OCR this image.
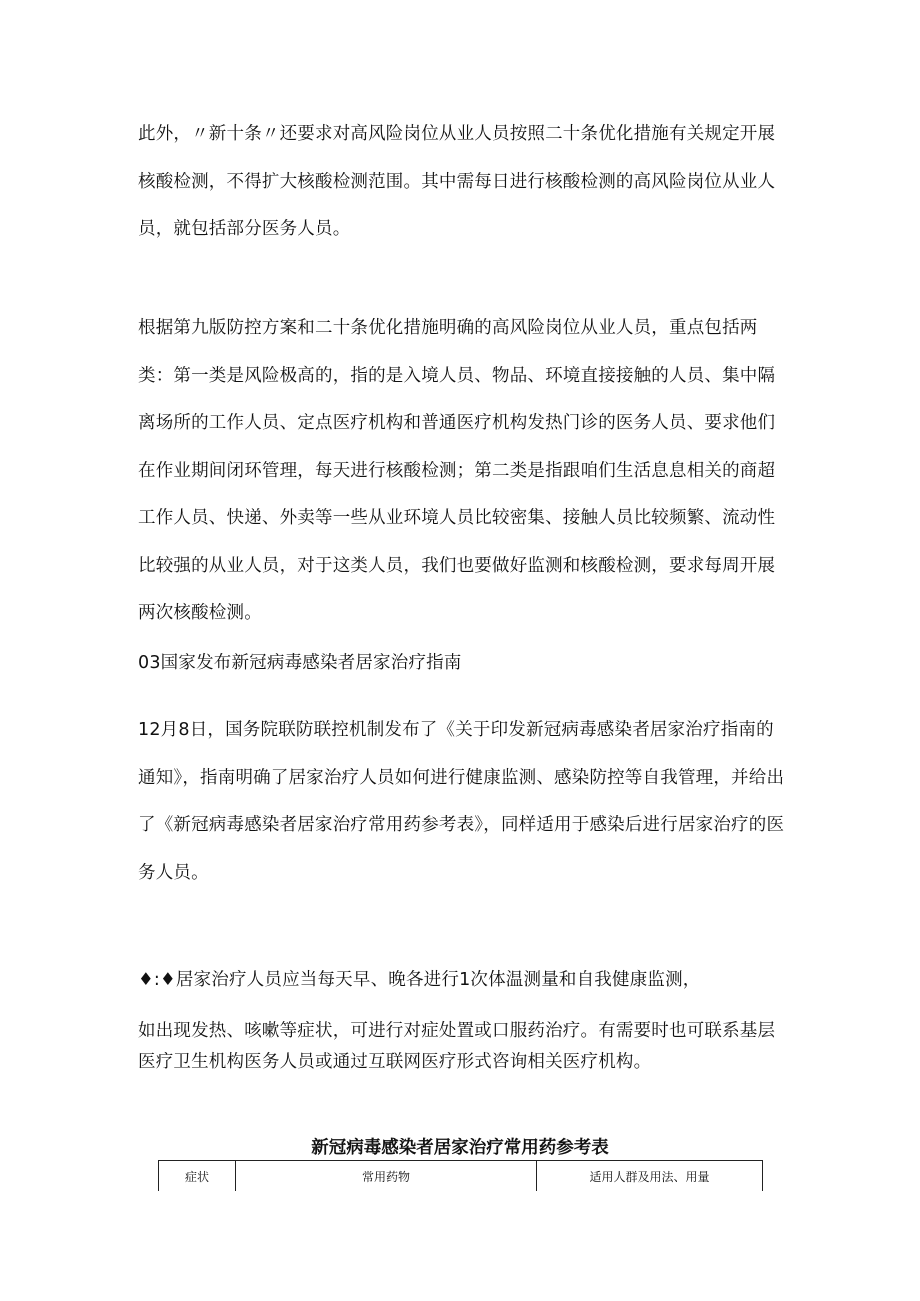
此外，〃新十条〃还要求对高风险岗位从业人员按照二十条优化措施有关规定开展核酸检测，不得扩大核酸检测范围。其中需每日进行核酸检测的高风险岗位从业人员，就包括部分医务人员。

根据第九版防控方案和二十条优化措施明确的高风险岗位从业人员，重点包括两类：第一类是风险极高的，指的是入境人员、物品、环境直接接触的人员、集中隔离场所的工作人员、定点医疗机构和普通医疗机构发热门诊的医务人员、要求他们在作业期间闭环管理，每天进行核酸检测；第二类是指跟咱们生活息息相关的商超工作人员、快递、外卖等一些从业环境人员比较密集、接触人员比较频繁、流动性比较强的从业人员，对于这类人员，我们也要做好监测和核酸检测，要求每周开展两次核酸检测。

03国家发布新冠病毒感染者居家治疗指南

12月8日，国务院联防联控机制发布了《关于印发新冠病毒感染者居家治疗指南的通知》，指南明确了居家治疗人员如何进行健康监测、感染防控等自我管理，并给出了《新冠病毒感染者居家治疗常用药参考表》，同样适用于感染后进行居家治疗的医务人员。

♦:♦居家治疗人员应当每天早、晚各进行1次体温测量和自我健康监测，

如出现发热、咳嗽等症状，可进行对症处置或口服药治疗。有需要时也可联系基层医疗卫生机构医务人员或通过互联网医疗形式咨询相关医疗机构。

新冠病毒感染者居家治疗常用药参考表

症状	常用药物	适用人群及用法、用量
